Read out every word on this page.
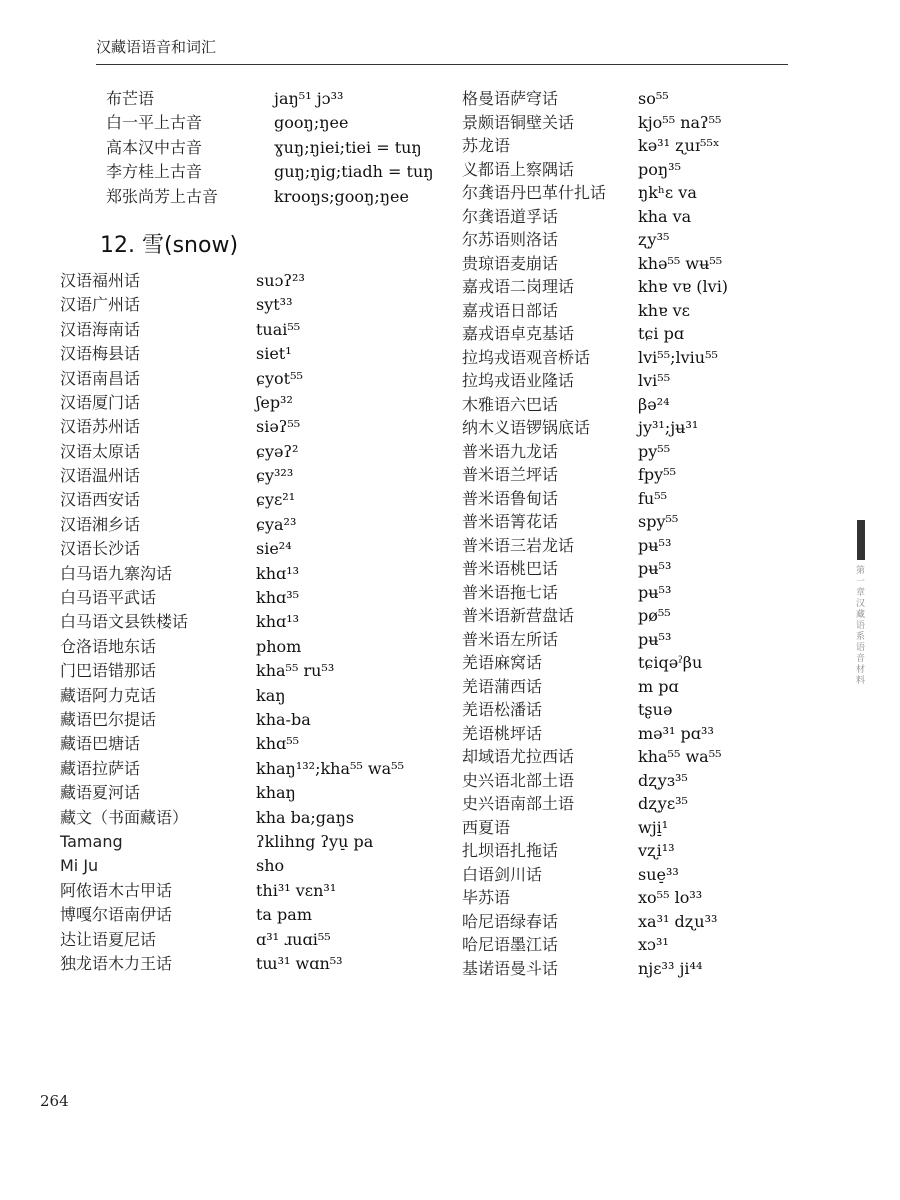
汉藏语语音和词汇
布芒语	jaŋ⁵¹ jɔ³³
白一平上古音	gooŋ;ŋee
高本汉中古音	ɣuŋ;ŋiei;tiei = tuŋ
李方桂上古音	guŋ;ŋig;tiadh = tuŋ
郑张尚芳上古音	krooŋs;gooŋ;ŋee
12. 雪(snow)
汉语福州话	suɔʔ²³
汉语广州话	syt³³
汉语海南话	tuai⁵⁵
汉语梅县话	siet¹
汉语南昌话	ɕyot⁵⁵
汉语厦门话	ʃep³²
汉语苏州话	siəʔ⁵⁵
汉语太原话	ɕyəʔ²
汉语温州话	ɕy³²³
汉语西安话	ɕyɛ²¹
汉语湘乡话	ɕya²³
汉语长沙话	sie²⁴
白马语九寨沟话	khɑ¹³
白马语平武话	khɑ³⁵
白马语文县铁楼话	khɑ¹³
仓洛语地东话	phom
门巴语错那话	kha⁵⁵ ru⁵³
藏语阿力克话	kaŋ
藏语巴尔提话	kha-ba
藏语巴塘话	khɑ⁵⁵
藏语拉萨话	khaŋ¹³²;kha⁵⁵ wa⁵⁵
藏语夏河话	khaŋ
藏文（书面藏语）	kha ba;gaŋs
Tamang	ʔklihng ʔyu̠ pa
Mi Ju	sho
阿侬语木古甲话	thi³¹ vɛn³¹
博嘎尔语南伊话	ta pam
达让语夏尼话	ɑ³¹ ɹuɑi⁵⁵
独龙语木力王话	tɯ³¹ wɑn⁵³
格曼语萨穹话	so⁵⁵
景颇语铜壁关话	kjo⁵⁵ naʔ⁵⁵
苏龙语	kə³¹ ʐuɪ⁵⁵ˣ
义都语上察隅话	poŋ³⁵
尔龚语丹巴革什扎话 ŋkʰɛ va
尔龚语道孚话	kha va
尔苏语则洛话	ʐy³⁵
贵琼语麦崩话	khə⁵⁵ wʉ⁵⁵
嘉戎语二岗理话	khɐ vɐ (lvi)
嘉戎语日部话	khɐ vɛ
嘉戎语卓克基话	tɕi pɑ
拉坞戎语观音桥话	lvi⁵⁵;lviu⁵⁵
拉坞戎语业隆话	lvi⁵⁵
木雅语六巴话	βə²⁴
纳木义语锣锅底话	jy³¹;jʉ³¹
普米语九龙话	py⁵⁵
普米语兰坪话	fpy⁵⁵
普米语鲁甸话	fu⁵⁵
普米语箐花话	spy⁵⁵
普米语三岩龙话	pʉ⁵³
普米语桃巴话	pʉ⁵³
普米语拖七话	pʉ⁵³
普米语新营盘话	pø⁵⁵
普米语左所话	pʉ⁵³
羌语麻窝话	tɕiqəˀβu
羌语蒲西话	m pɑ
羌语松潘话	tʂuə
羌语桃坪话	mə³¹ pɑ³³
却域语尤拉西话	kha⁵⁵ wa⁵⁵
史兴语北部土语	dʐyɜ³⁵
史兴语南部土语	dʐyɛ³⁵
西夏语	wji̠¹
扎坝语扎拖话	vʐi¹³
白语剑川话	sue̠³³
毕苏语	xo⁵⁵ lo³³
哈尼语绿春话	xa³¹ dʐu³³
哈尼语墨江话	xɔ³¹
基诺语曼斗话	njɛ³³ ji⁴⁴
264
第一章 汉藏语系语音材料
